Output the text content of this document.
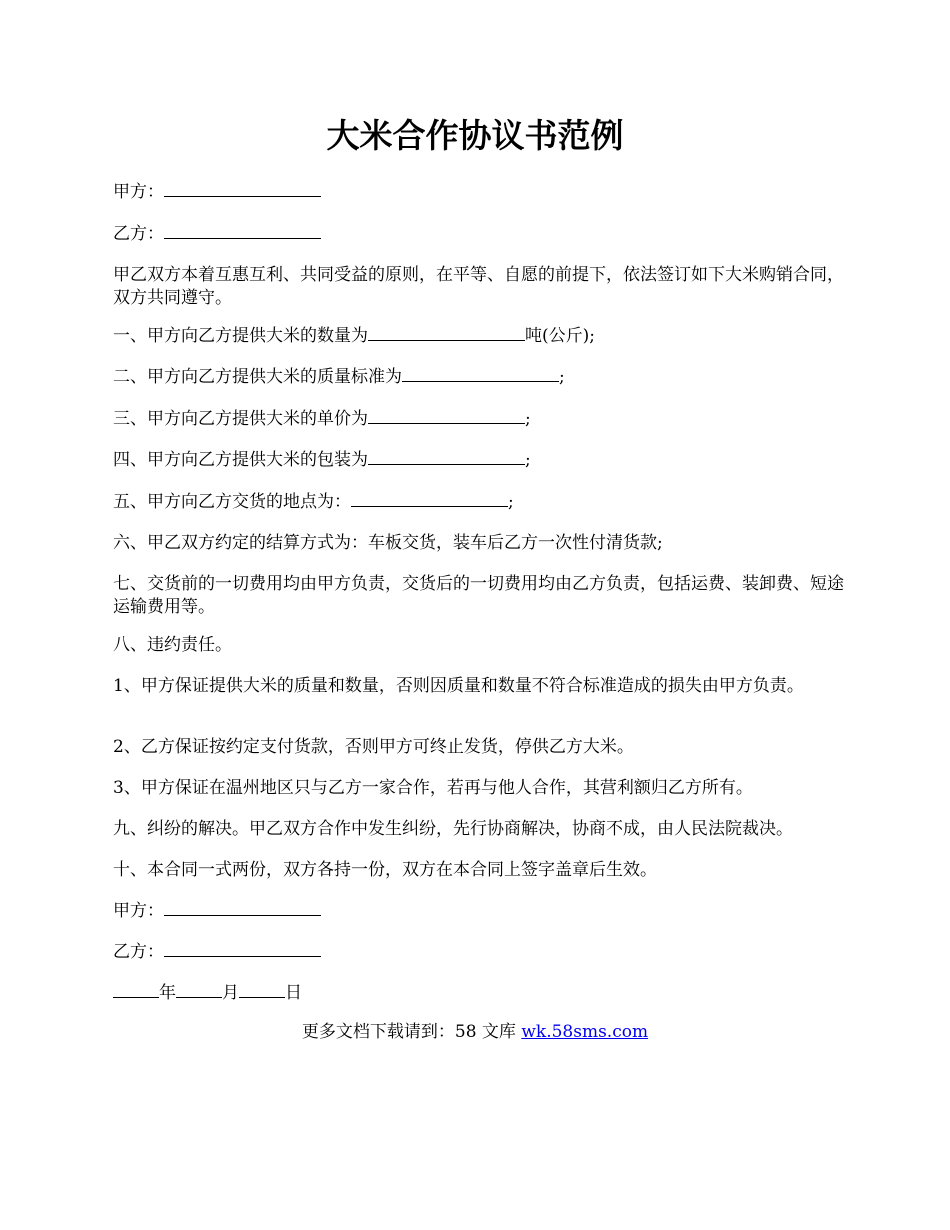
大米合作协议书范例

甲方：

乙方：

甲乙双方本着互惠互利、共同受益的原则，在平等、自愿的前提下，依法签订如下大米购销合同，双方共同遵守。

一、甲方向乙方提供大米的数量为	吨(公斤);

二、甲方向乙方提供大米的质量标准为	;

三、甲方向乙方提供大米的单价为	;

四、甲方向乙方提供大米的包装为	;

五、甲方向乙方交货的地点为：	;

六、甲乙双方约定的结算方式为：车板交货，装车后乙方一次性付清货款;

七、交货前的一切费用均由甲方负责，交货后的一切费用均由乙方负责，包括运费、装卸费、短途运输费用等。

八、违约责任。

1、甲方保证提供大米的质量和数量，否则因质量和数量不符合标准造成的损失由甲方负责。

2、乙方保证按约定支付货款，否则甲方可终止发货，停供乙方大米。

3、甲方保证在温州地区只与乙方一家合作，若再与他人合作，其营利额归乙方所有。

九、纠纷的解决。甲乙双方合作中发生纠纷，先行协商解决，协商不成，由人民法院裁决。

十、本合同一式两份，双方各持一份，双方在本合同上签字盖章后生效。

甲方：

乙方：

年	月	日

更多文档下载请到：58 文库 wk.58sms.com
